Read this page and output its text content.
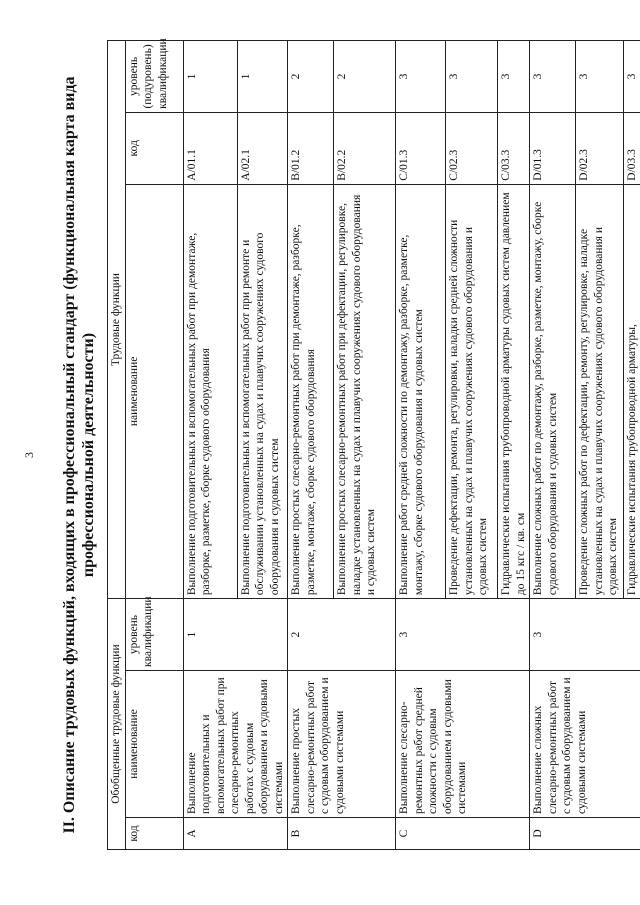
3 II. Описание трудовых функций, входящих в профессиональный стандарт (функциональная карта вида профессиональной деятельности)
Обобщенные трудовые функции			Трудовые функции		
код	наименование	уровень квалификации	наименование	код	уровень (подуровень) квалификации
A	Выполнение подготовительных и вспомогательных работ при слесарно-ремонтных работах с судовым оборудованием и судовыми системами	1	Выполнение подготовительных и вспомогательных работ при демонтаже, разборке, разметке, сборке судового оборудования	A/01.1	1
			Выполнение подготовительных и вспомогательных работ при ремонте и обслуживании установленных на судах и плавучих сооружениях судового оборудования и судовых систем	A/02.1	1
B	Выполнение простых слесарно-ремонтных работ с судовым оборудованием и судовыми системами	2	Выполнение простых слесарно-ремонтных работ при демонтаже, разборке, разметке, монтаже, сборке судового оборудования	B/01.2	2
			Выполнение простых слесарно-ремонтных работ при дефектации, регулировке, наладке установленных на судах и плавучих сооружениях судового оборудования и судовых систем	B/02.2	2
C	Выполнение слесарно-ремонтных работ средней сложности с судовым оборудованием и судовыми системами	3	Выполнение работ средней сложности по демонтажу, разборке, разметке, монтажу, сборке судового оборудования и судовых систем	C/01.3	3
			Проведение дефектации, ремонта, регулировки, наладки средней сложности установленных на судах и плавучих сооружениях судового оборудования и судовых систем	C/02.3	3
			Гидравлические испытания трубопроводной арматуры судовых систем давлением до 15 кгс / кв. см	C/03.3	3
D	Выполнение сложных слесарно-ремонтных работ с судовым оборудованием и судовыми системами	3	Выполнение сложных работ по демонтажу, разборке, разметке, монтажу, сборке судового оборудования и судовых систем	D/01.3	3
			Проведение сложных работ по дефектации, ремонту, регулировке, наладке установленных на судах и плавучих сооружениях судового оборудования и судовых систем	D/02.3	3
			Гидравлические испытания трубопроводной арматуры,	D/03.3	3
